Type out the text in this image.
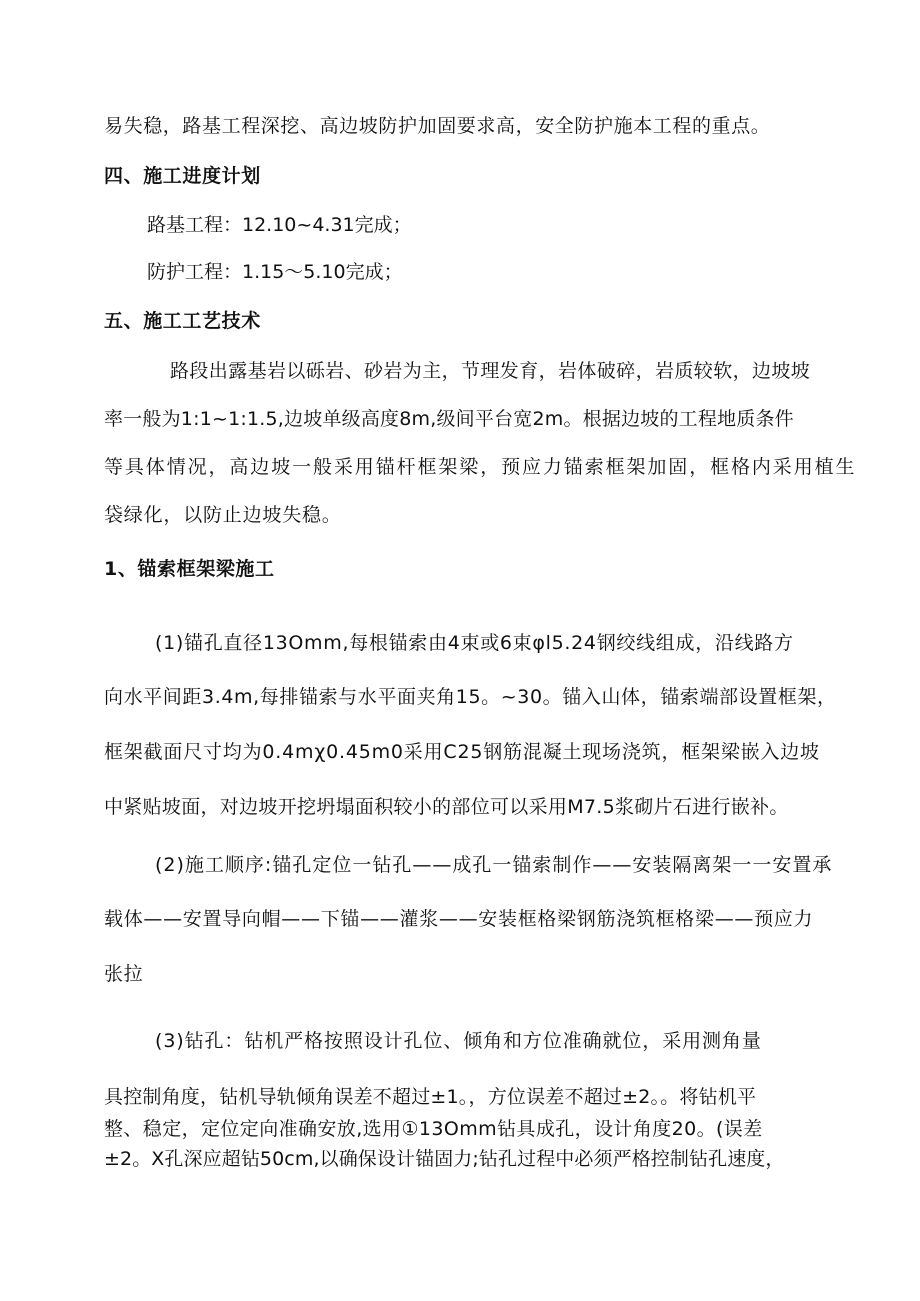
易失稳，路基工程深挖、高边坡防护加固要求高，安全防护施本工程的重点。

四、施工进度计划

路基工程：12.10~4.31完成；

防护工程：1.15～5.10完成；

五、施工工艺技术

路段出露基岩以砾岩、砂岩为主，节理发育，岩体破碎，岩质较软，边坡坡

率一般为1:1~1:1.5,边坡单级高度8m,级间平台宽2m。根据边坡的工程地质条件

等具体情况，高边坡一般采用锚杆框架梁，预应力锚索框架加固，框格内采用植生

袋绿化，以防止边坡失稳。

1、锚索框架梁施工

(1)锚孔直径13Omm,每根锚索由4束或6束φl5.24钢绞线组成，沿线路方

向水平间距3.4m,每排锚索与水平面夹角15。~30。锚入山体，锚索端部设置框架，

框架截面尺寸均为0.4mχ0.45m0采用C25钢筋混凝土现场浇筑，框架梁嵌入边坡

中紧贴坡面，对边坡开挖坍塌面积较小的部位可以采用M7.5浆砌片石进行嵌补。

(2)施工顺序:锚孔定位一钻孔——成孔一锚索制作——安装隔离架一一安置承

载体——安置导向帽——下锚——灌浆——安装框格梁钢筋浇筑框格梁——预应力

张拉

(3)钻孔：钻机严格按照设计孔位、倾角和方位准确就位，采用测角量

具控制角度，钻机导轨倾角误差不超过±1。，方位误差不超过±2。。将钻机平

整、稳定，定位定向准确安放,选用①13Omm钻具成孔，设计角度20。(误差

±2。X孔深应超钻50cm,以确保设计锚固力;钻孔过程中必须严格控制钻孔速度，
